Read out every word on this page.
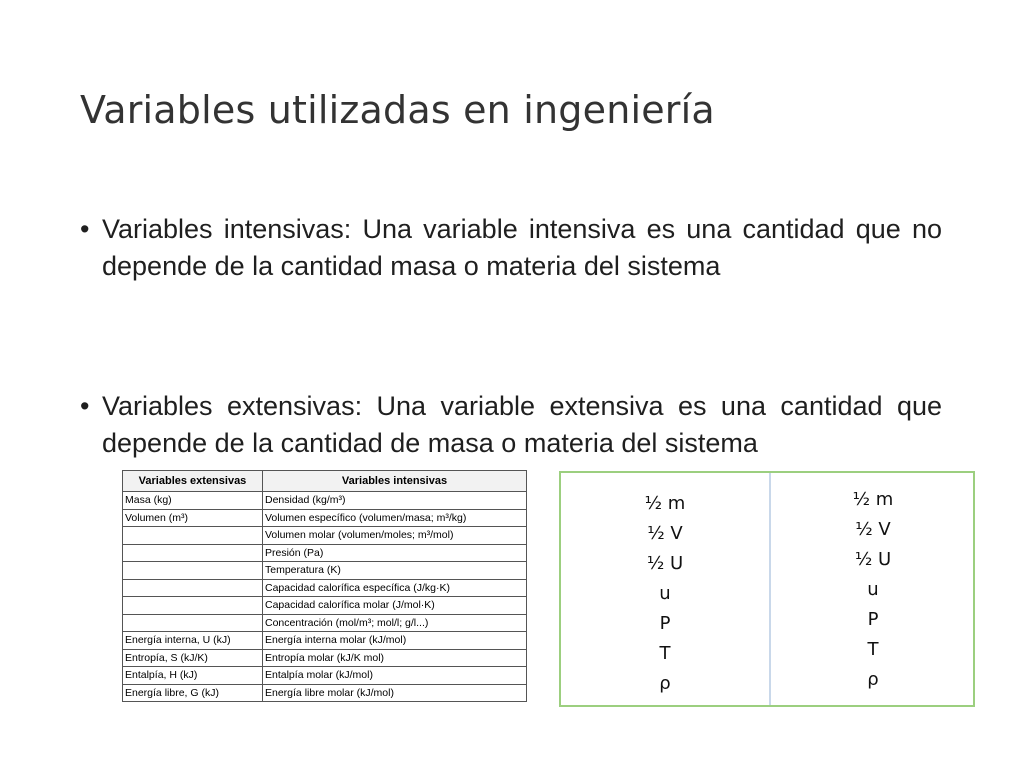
Variables utilizadas en ingeniería
• Variables intensivas: Una variable intensiva es una cantidad que no depende de la cantidad masa o materia del sistema
• Variables extensivas: Una variable extensiva es una cantidad que depende de la cantidad de masa o materia del sistema
Variables extensivas	Variables intensivas
Masa (kg)	Densidad (kg/m³)
Volumen (m³)	Volumen específico (volumen/masa; m³/kg)
	Volumen molar (volumen/moles; m³/mol)
	Presión (Pa)
	Temperatura (K)
	Capacidad calorífica específica (J/kg·K)
	Capacidad calorífica molar (J/mol·K)
	Concentración (mol/m³; mol/l; g/l...)
Energía interna, U (kJ)	Energía interna molar (kJ/mol)
Entropía, S (kJ/K)	Entropía molar (kJ/K mol)
Entalpía, H (kJ)	Entalpía molar (kJ/mol)
Energía libre, G (kJ)	Energía libre molar (kJ/mol)
½ m
½ V
½ U
u
P
T
ρ
½ m
½ V
½ U
u
P
T
ρ
